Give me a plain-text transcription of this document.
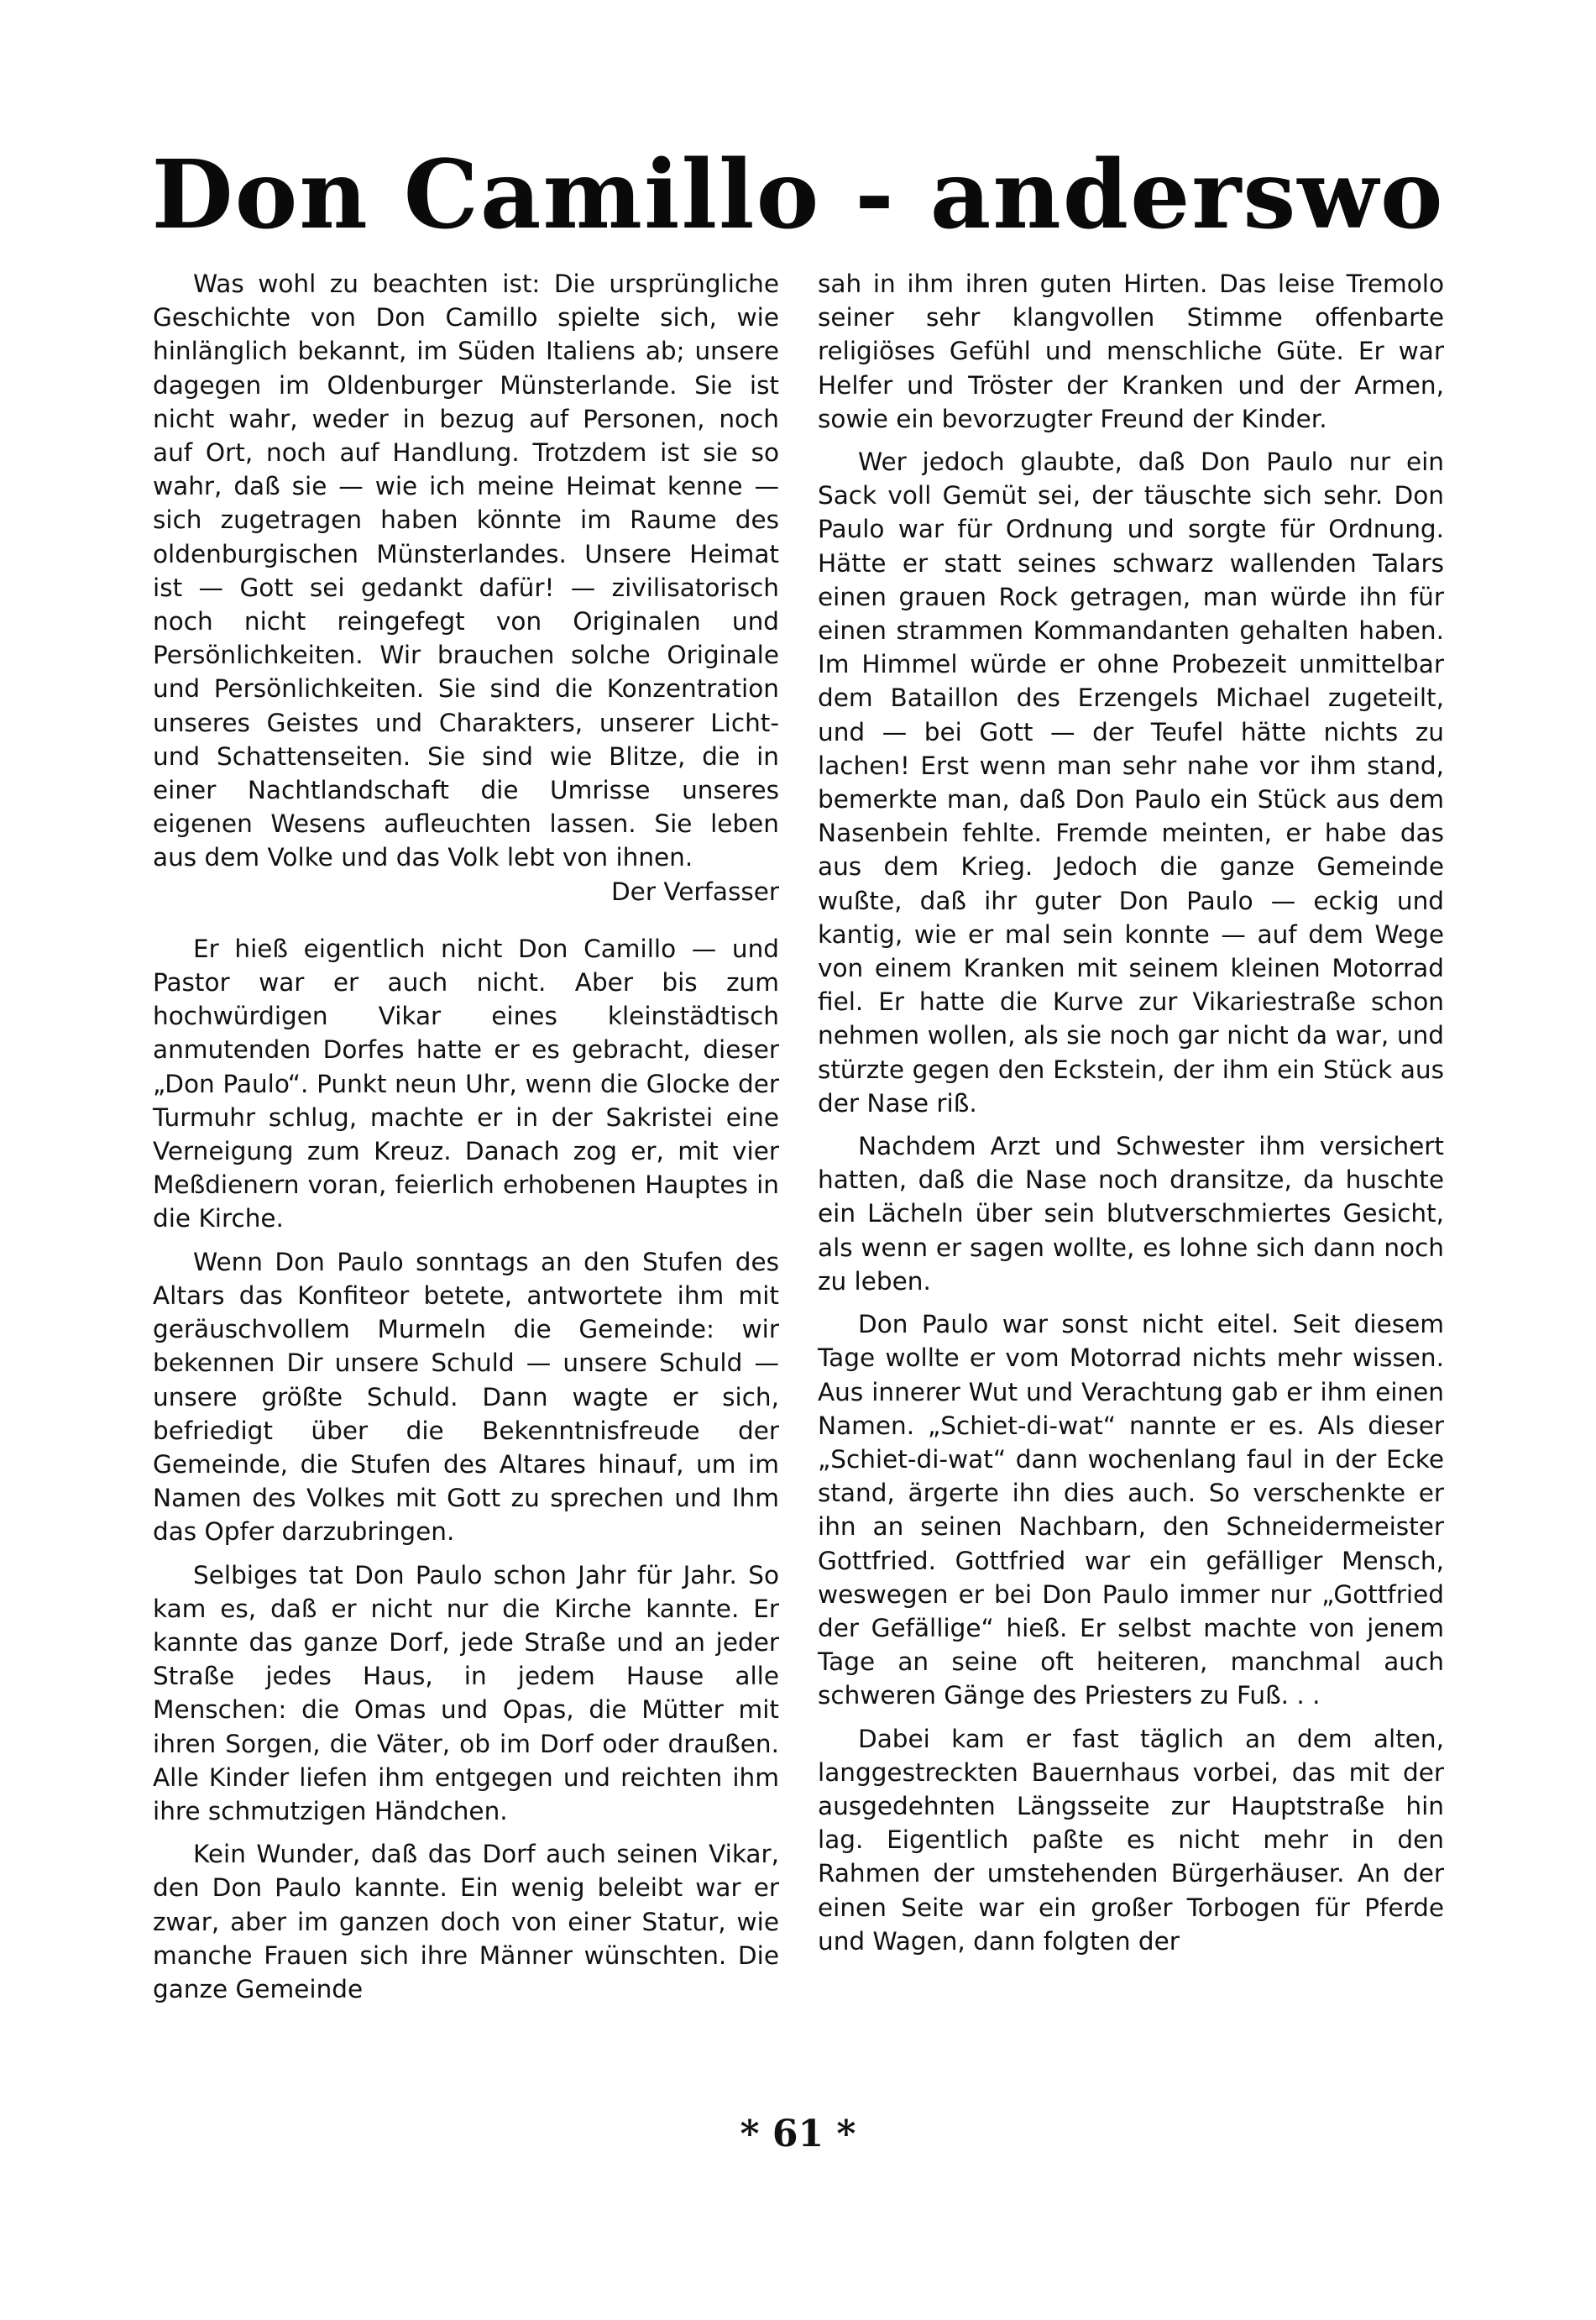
Don Camillo - anderswo

Was wohl zu beachten ist: Die ursprüngliche Geschichte von Don Camillo spielte sich, wie hinlänglich bekannt, im Süden Italiens ab; unsere dagegen im Oldenburger Münsterlande. Sie ist nicht wahr, weder in bezug auf Personen, noch auf Ort, noch auf Handlung. Trotzdem ist sie so wahr, daß sie — wie ich meine Heimat kenne — sich zugetragen haben könnte im Raume des oldenburgischen Münsterlandes. Unsere Heimat ist — Gott sei gedankt dafür! — zivilisatorisch noch nicht reingefegt von Originalen und Persönlichkeiten. Wir brauchen solche Originale und Persönlichkeiten. Sie sind die Konzentration unseres Geistes und Charakters, unserer Licht- und Schattenseiten. Sie sind wie Blitze, die in einer Nachtlandschaft die Umrisse unseres eigenen Wesens aufleuchten lassen. Sie leben aus dem Volke und das Volk lebt von ihnen.

Der Verfasser

Er hieß eigentlich nicht Don Camillo — und Pastor war er auch nicht. Aber bis zum hochwürdigen Vikar eines kleinstädtisch anmutenden Dorfes hatte er es gebracht, dieser „Don Paulo“. Punkt neun Uhr, wenn die Glocke der Turmuhr schlug, machte er in der Sakristei eine Verneigung zum Kreuz. Danach zog er, mit vier Meßdienern voran, feierlich erhobenen Hauptes in die Kirche.

Wenn Don Paulo sonntags an den Stufen des Altars das Konfiteor betete, antwortete ihm mit geräuschvollem Murmeln die Gemeinde: wir bekennen Dir unsere Schuld — unsere Schuld — unsere größte Schuld. Dann wagte er sich, befriedigt über die Bekenntnisfreude der Gemeinde, die Stufen des Altares hinauf, um im Namen des Volkes mit Gott zu sprechen und Ihm das Opfer darzubringen.

Selbiges tat Don Paulo schon Jahr für Jahr. So kam es, daß er nicht nur die Kirche kannte. Er kannte das ganze Dorf, jede Straße und an jeder Straße jedes Haus, in jedem Hause alle Menschen: die Omas und Opas, die Mütter mit ihren Sorgen, die Väter, ob im Dorf oder draußen. Alle Kinder liefen ihm entgegen und reichten ihm ihre schmutzigen Händchen.

Kein Wunder, daß das Dorf auch seinen Vikar, den Don Paulo kannte. Ein wenig beleibt war er zwar, aber im ganzen doch von einer Statur, wie manche Frauen sich ihre Männer wünschten. Die ganze Gemeinde

sah in ihm ihren guten Hirten. Das leise Tremolo seiner sehr klangvollen Stimme offenbarte religiöses Gefühl und menschliche Güte. Er war Helfer und Tröster der Kranken und der Armen, sowie ein bevorzugter Freund der Kinder.

Wer jedoch glaubte, daß Don Paulo nur ein Sack voll Gemüt sei, der täuschte sich sehr. Don Paulo war für Ordnung und sorgte für Ordnung. Hätte er statt seines schwarz wallenden Talars einen grauen Rock getragen, man würde ihn für einen strammen Kommandanten gehalten haben. Im Himmel würde er ohne Probezeit unmittelbar dem Bataillon des Erzengels Michael zugeteilt, und — bei Gott — der Teufel hätte nichts zu lachen! Erst wenn man sehr nahe vor ihm stand, bemerkte man, daß Don Paulo ein Stück aus dem Nasenbein fehlte. Fremde meinten, er habe das aus dem Krieg. Jedoch die ganze Gemeinde wußte, daß ihr guter Don Paulo — eckig und kantig, wie er mal sein konnte — auf dem Wege von einem Kranken mit seinem kleinen Motorrad fiel. Er hatte die Kurve zur Vikariestraße schon nehmen wollen, als sie noch gar nicht da war, und stürzte gegen den Eckstein, der ihm ein Stück aus der Nase riß.

Nachdem Arzt und Schwester ihm versichert hatten, daß die Nase noch dransitze, da huschte ein Lächeln über sein blutverschmiertes Gesicht, als wenn er sagen wollte, es lohne sich dann noch zu leben.

Don Paulo war sonst nicht eitel. Seit diesem Tage wollte er vom Motorrad nichts mehr wissen. Aus innerer Wut und Verachtung gab er ihm einen Namen. „Schiet-di-wat“ nannte er es. Als dieser „Schiet-di-wat“ dann wochenlang faul in der Ecke stand, ärgerte ihn dies auch. So verschenkte er ihn an seinen Nachbarn, den Schneidermeister Gottfried. Gottfried war ein gefälliger Mensch, weswegen er bei Don Paulo immer nur „Gottfried der Gefällige“ hieß. Er selbst machte von jenem Tage an seine oft heiteren, manchmal auch schweren Gänge des Priesters zu Fuß. . .

Dabei kam er fast täglich an dem alten, langgestreckten Bauernhaus vorbei, das mit der ausgedehnten Längsseite zur Hauptstraße hin lag. Eigentlich paßte es nicht mehr in den Rahmen der umstehenden Bürgerhäuser. An der einen Seite war ein großer Torbogen für Pferde und Wagen, dann folgten der

* 61 *
